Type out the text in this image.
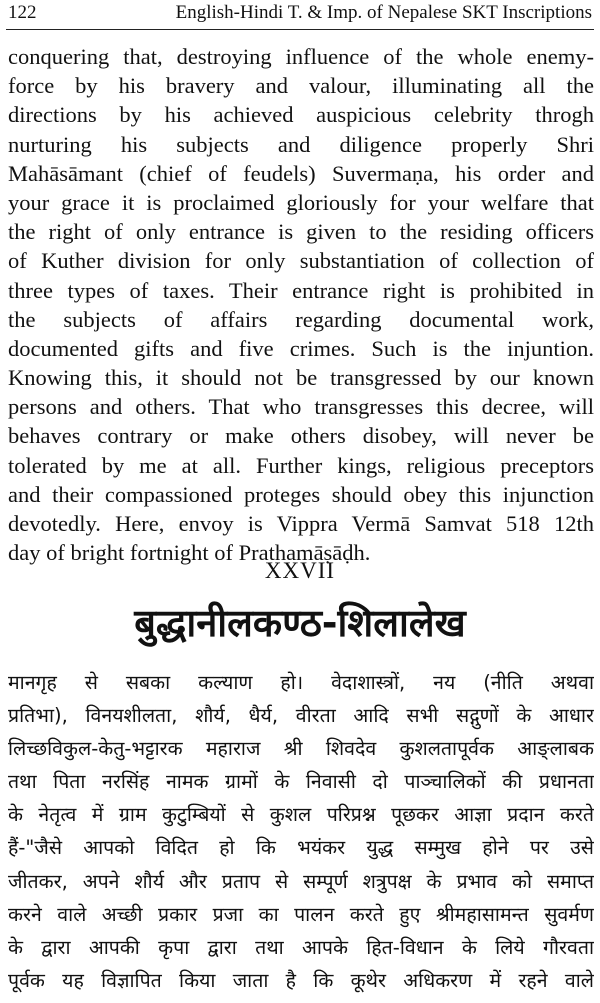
122	English-Hindi T. & Imp. of Nepalese SKT Inscriptions
conquering that, destroying influence of the whole enemy-
force by his bravery and valour, illuminating all the
directions by his achieved auspicious celebrity throgh
nurturing his subjects and diligence properly Shri
Mahāsāmant (chief of feudels) Suvermaṇa, his order and
your grace it is proclaimed gloriously for your welfare that
the right of only entrance is given to the residing officers
of Kuther division for only substantiation of collection of
three types of taxes. Their entrance right is prohibited in
the subjects of affairs regarding documental work,
documented gifts and five crimes. Such is the injuntion.
Knowing this, it should not be transgressed by our known
persons and others. That who transgresses this decree, will
behaves contrary or make others disobey, will never be
tolerated by me at all. Further kings, religious preceptors
and their compassioned proteges should obey this injunction
devotedly. Here, envoy is Vippra Vermā Samvat 518 12th
day of bright fortnight of Prathamāṣāḍh.
XXVII
बुद्धानीलकण्ठ-शिलालेख
मानगृह से सबका कल्याण हो। वेदाशास्त्रों, नय (नीति अथवा
प्रतिभा), विनयशीलता, शौर्य, धैर्य, वीरता आदि सभी सद्गुणों के आधार
लिच्छविकुल-केतु-भट्टारक महाराज श्री शिवदेव कुशलतापूर्वक आङ्लाबक
तथा पिता नरसिंह नामक ग्रामों के निवासी दो पाञ्चालिकों की प्रधानता
के नेतृत्व में ग्राम कुटुम्बियों से कुशल परिप्रश्न पूछकर आज्ञा प्रदान करते
हैं-"जैसे आपको विदित हो कि भयंकर युद्ध सम्मुख होने पर उसे
जीतकर, अपने शौर्य और प्रताप से सम्पूर्ण शत्रुपक्ष के प्रभाव को समाप्त
करने वाले अच्छी प्रकार प्रजा का पालन करते हुए श्रीमहासामन्त सुवर्मण
के द्वारा आपकी कृपा द्वारा तथा आपके हित-विधान के लिये गौरवता
पूर्वक यह विज्ञापित किया जाता है कि कूथेर अधिकरण में रहने वाले
